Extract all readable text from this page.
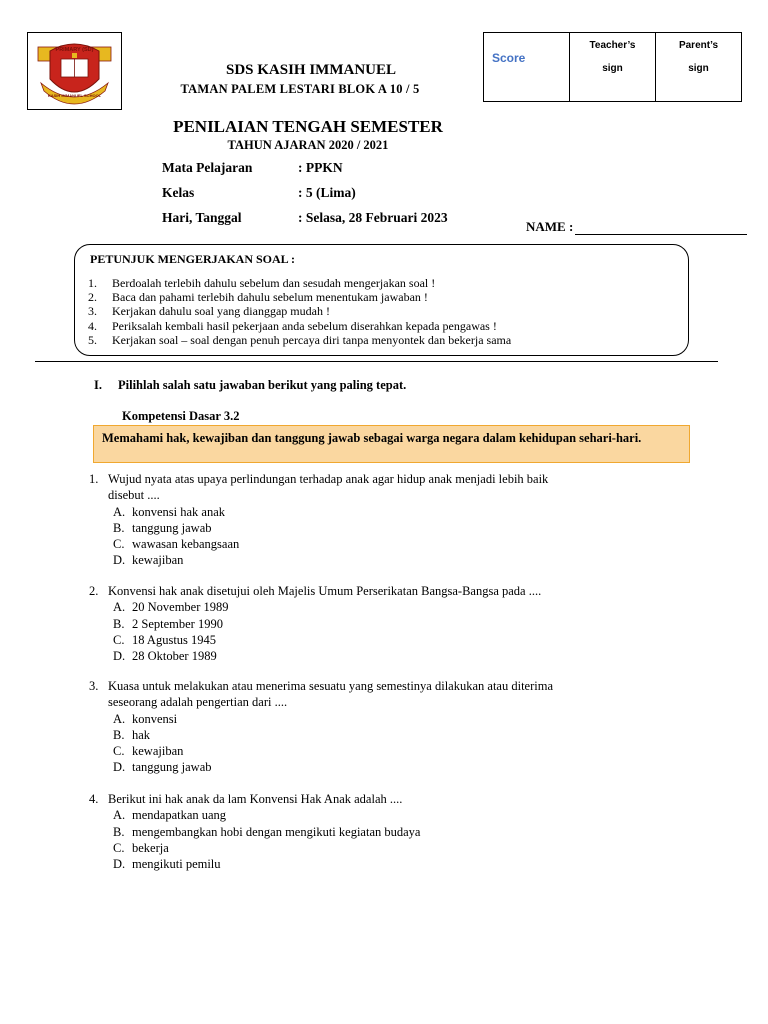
PRIMARY (SD)
KASIH IMMANUEL SCHOOL
SDS KASIH IMMANUEL
TAMAN PALEM LESTARI BLOK A 10 / 5
Score

Teacher’s
sign

Parent’s
sign
PENILAIAN TENGAH SEMESTER
TAHUN AJARAN 2020 / 2021
Mata Pelajaran	: PPKN
Kelas	: 5 (Lima)
Hari, Tanggal	: Selasa, 28 Februari 2023
NAME :
PETUNJUK MENGERJAKAN SOAL :
1. Berdoalah terlebih dahulu sebelum dan sesudah mengerjakan soal !
2. Baca dan pahami terlebih dahulu sebelum menentukam jawaban !
3. Kerjakan dahulu soal yang dianggap mudah !
4. Periksalah kembali hasil pekerjaan anda sebelum diserahkan kepada pengawas !
5. Kerjakan soal – soal dengan penuh percaya diri tanpa menyontek dan bekerja sama
I. Pilihlah salah satu jawaban berikut yang paling tepat.
Kompetensi Dasar 3.2
Memahami hak, kewajiban dan tanggung jawab sebagai warga negara dalam kehidupan sehari-hari.
1. Wujud nyata atas upaya perlindungan terhadap anak agar hidup anak menjadi lebih baik
disebut ....
A. konvensi hak anak
B. tanggung jawab
C. wawasan kebangsaan
D. kewajiban
2. Konvensi hak anak disetujui oleh Majelis Umum Perserikatan Bangsa-Bangsa pada ....
A. 20 November 1989
B. 2 September 1990
C. 18 Agustus 1945
D. 28 Oktober 1989
3. Kuasa untuk melakukan atau menerima sesuatu yang semestinya dilakukan atau diterima
seseorang adalah pengertian dari ....
A. konvensi
B. hak
C. kewajiban
D. tanggung jawab
4. Berikut ini hak anak da lam Konvensi Hak Anak adalah ....
A. mendapatkan uang
B. mengembangkan hobi dengan mengikuti kegiatan budaya
C. bekerja
D. mengikuti pemilu
